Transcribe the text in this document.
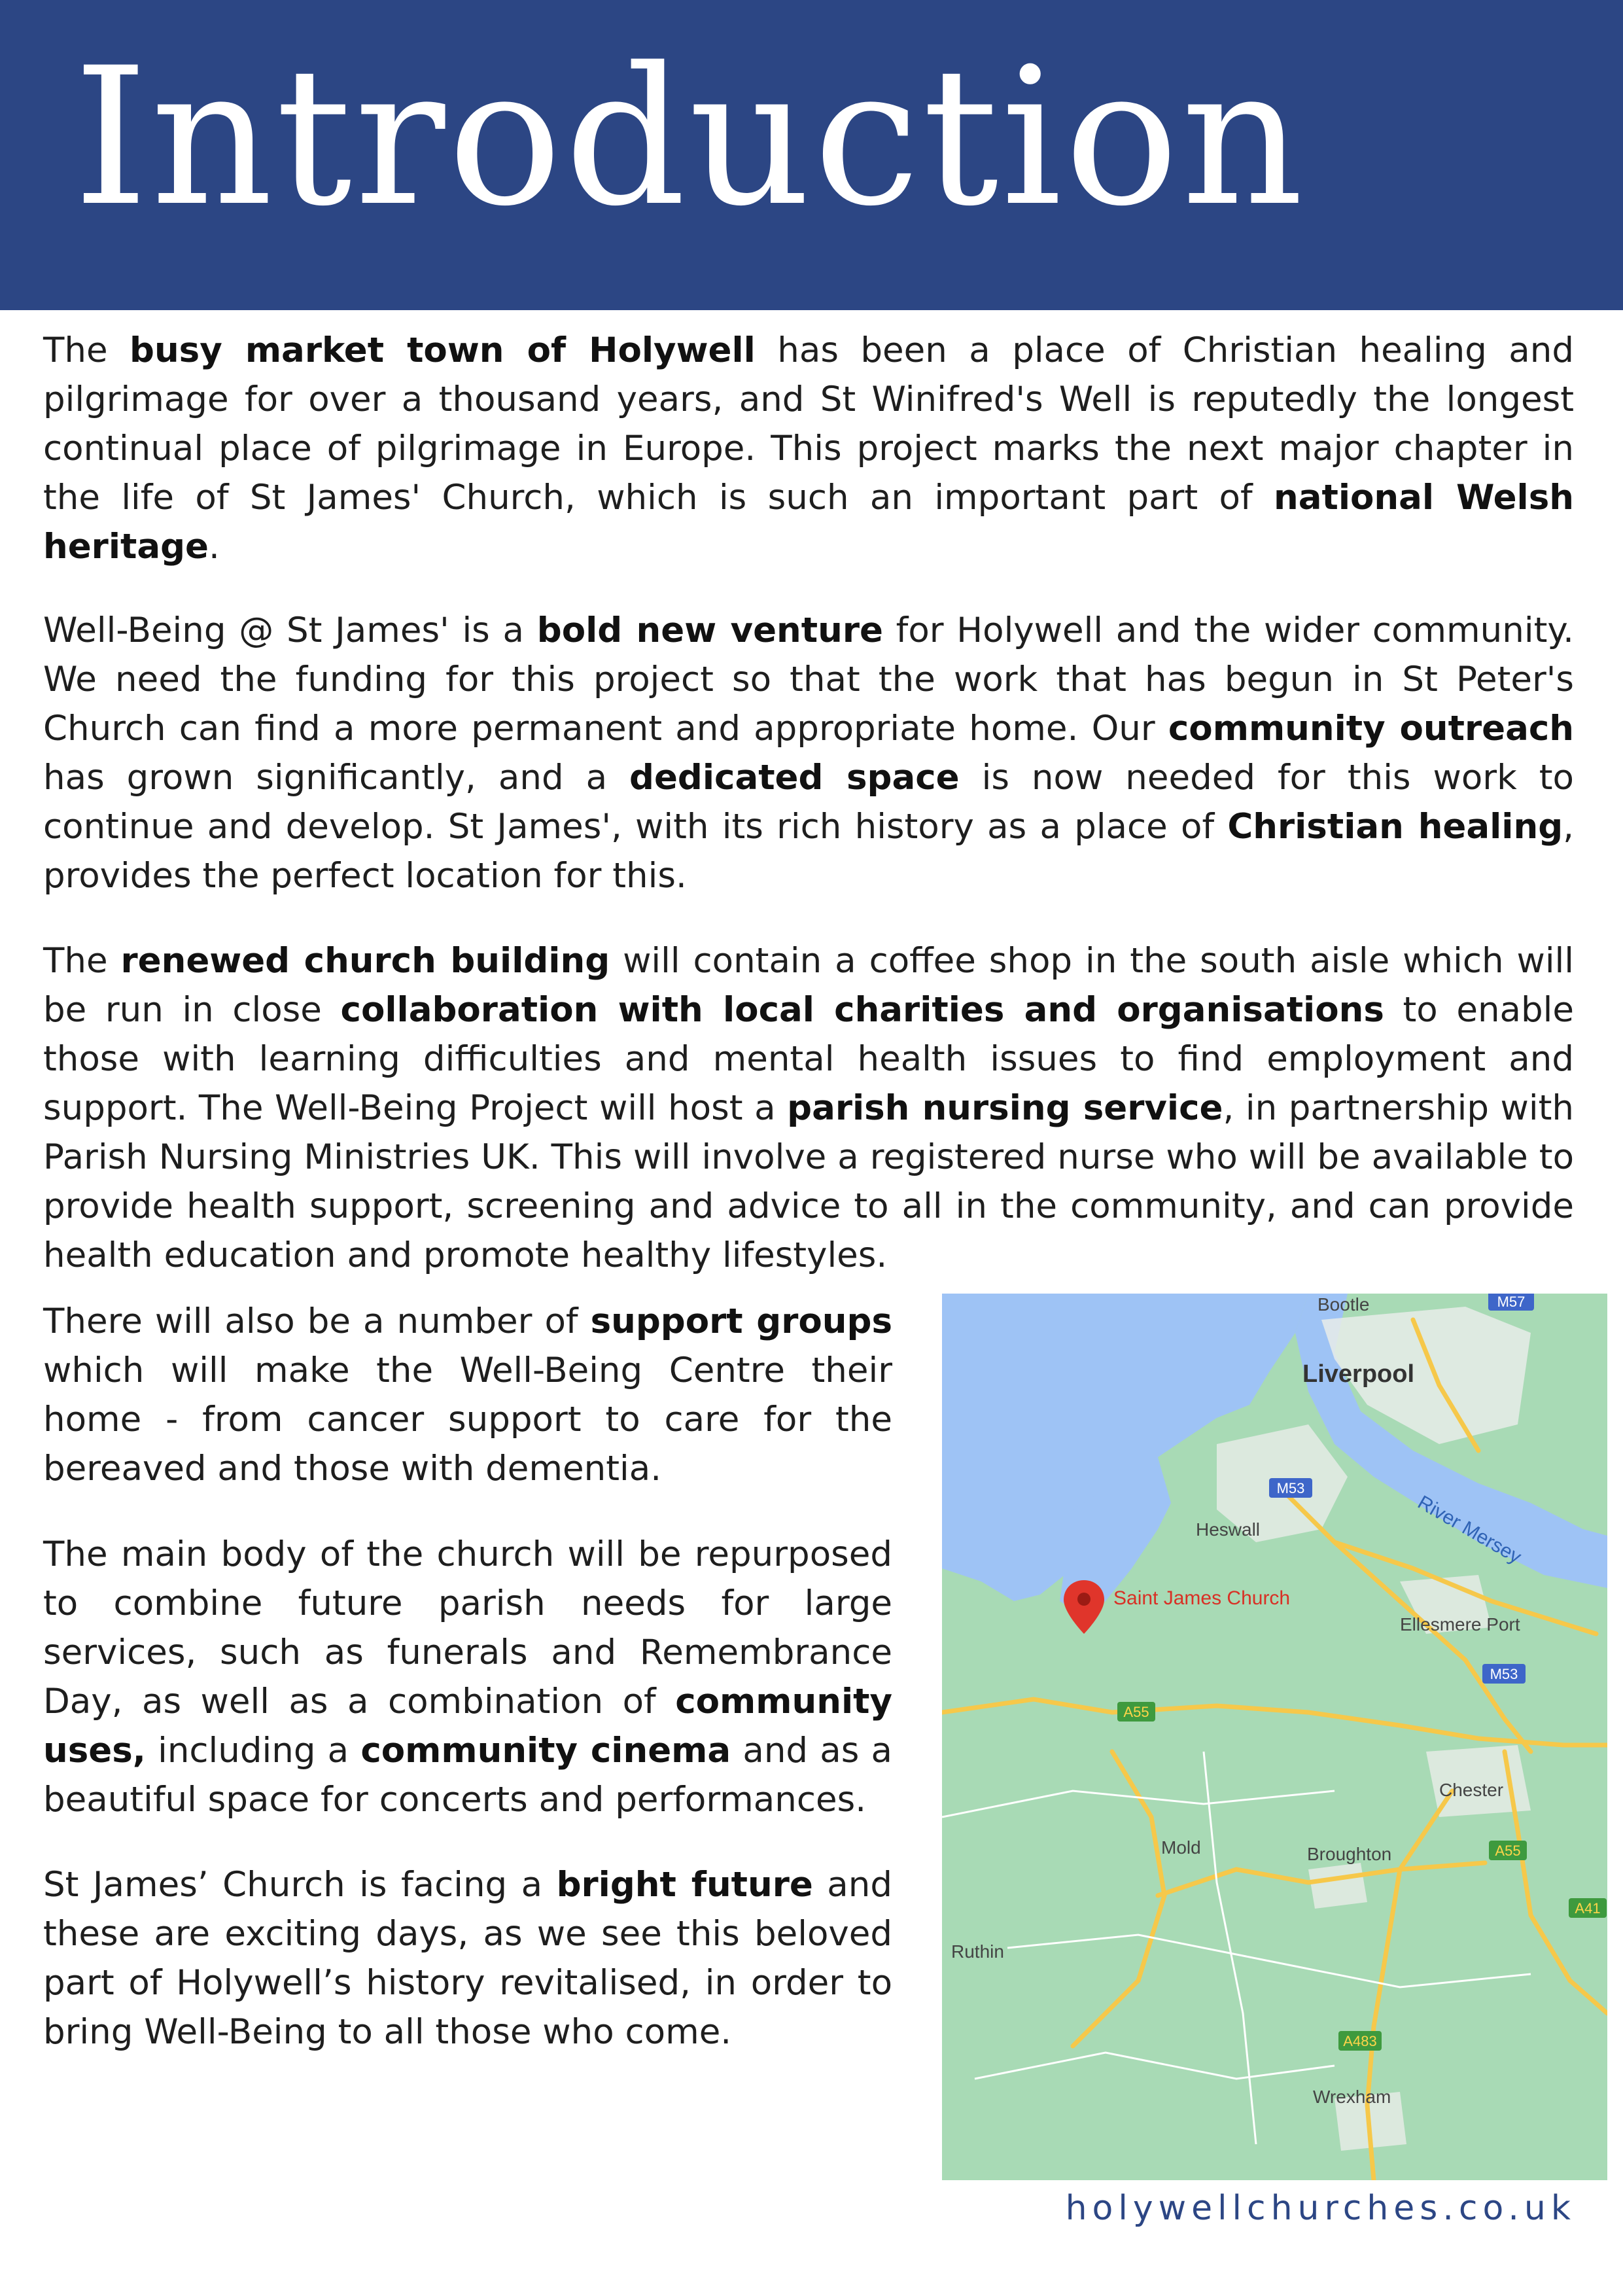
Introduction

The busy market town of Holywell has been a place of Christian healing and pilgrimage for over a thousand years, and St Winifred's Well is reputedly the longest continual place of pilgrimage in Europe. This project marks the next major chapter in the life of St James' Church, which is such an important part of national Welsh heritage.

Well-Being @ St James' is a bold new venture for Holywell and the wider community. We need the funding for this project so that the work that has begun in St Peter's Church can find a more permanent and appropriate home. Our community outreach has grown significantly, and a dedicated space is now needed for this work to continue and develop. St James', with its rich history as a place of Christian healing, provides the perfect location for this.

The renewed church building will contain a coffee shop in the south aisle which will be run in close collaboration with local charities and organisations to enable those with learning difficulties and mental health issues to find employment and support. The Well-Being Project will host a parish nursing service, in partnership with Parish Nursing Ministries UK. This will involve a registered nurse who will be available to provide health support, screening and advice to all in the community, and can provide health education and promote healthy lifestyles.

There will also be a number of support groups which will make the Well-Being Centre their home - from cancer support to care for the bereaved and those with dementia.

The main body of the church will be repurposed to combine future parish needs for large services, such as funerals and Remembrance Day, as well as a combination of community uses, including a community cinema and as a beautiful space for concerts and performances.

St James’ Church is facing a bright future and these are exciting days, as we see this beloved part of Holywell’s history revitalised, in order to bring Well-Being to all those who come.

M57
M53
M53
A55
A55
A41
A483
Bootle
Liverpool
Heswall	River Mersey
Ellesmere Port
Chester
Mold	Broughton
Ruthin
Wrexham
Saint James Church

holywellchurches.co.uk
